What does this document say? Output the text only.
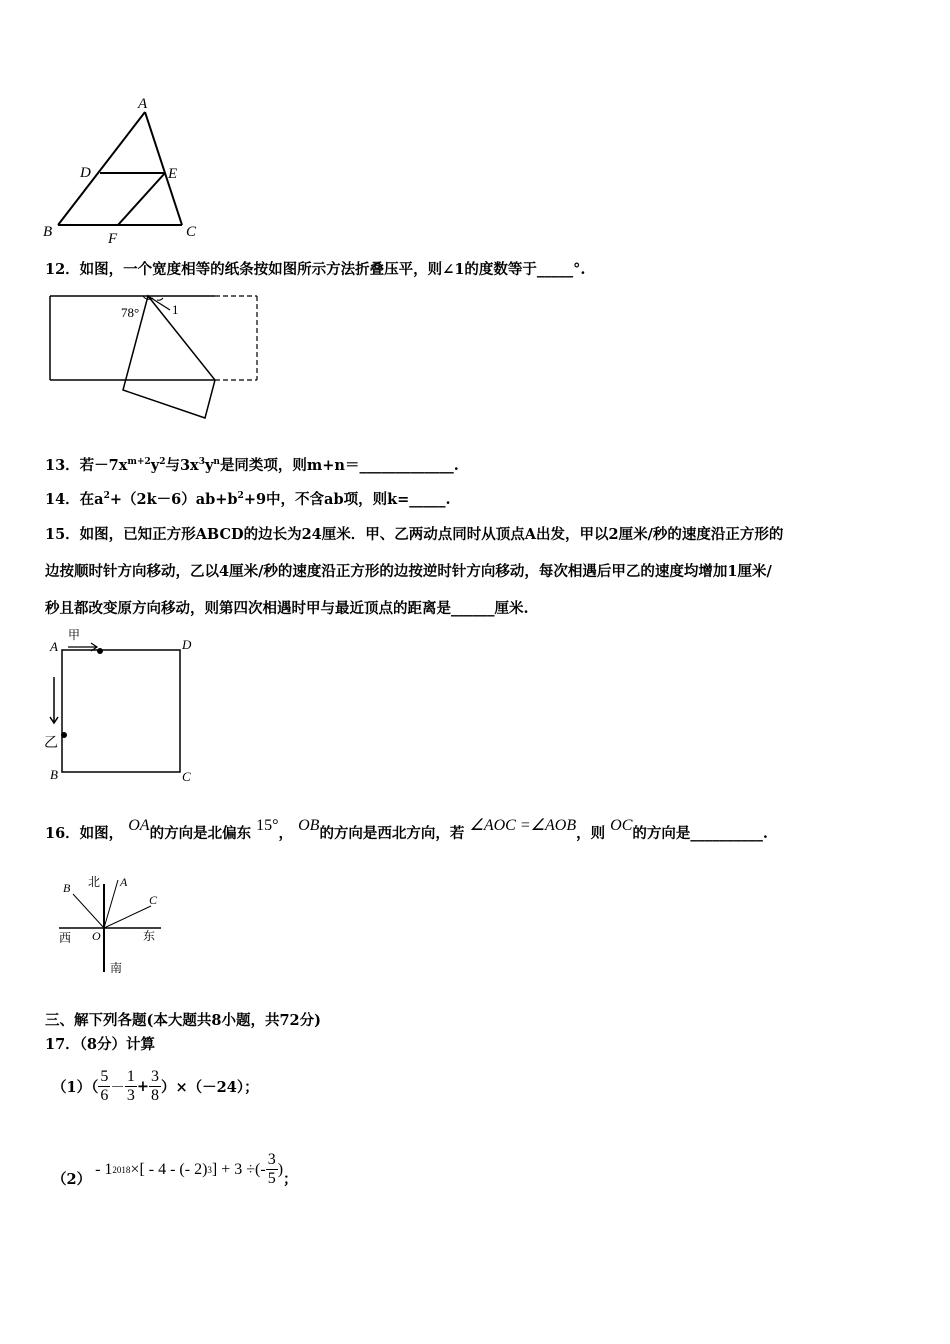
A
D	E
B	F	C
12．如图，一个宽度相等的纸条按如图所示方法折叠压平，则∠1的度数等于_____°.
78°	1
13．若$-7x^{m+2}y^2$与$3x^3y^n$是同类项，则m+n＝_____________.
14．在$a^2+(2k-6)ab+b^2+9$中，不含ab项，则k=_____.
15．如图，已知正方形ABCD的边长为24厘米．甲、乙两动点同时从顶点A出发，甲以2厘米/秒的速度沿正方形的
边按顺时针方向移动，乙以4厘米/秒的速度沿正方形的边按逆时针方向移动，每次相遇后甲乙的速度均增加1厘米/
秒且都改变原方向移动，则第四次相遇时甲与最近顶点的距离是______厘米.
A
甲
D
乙
B	C
16．如图， OA的方向是北偏东 15°， OB的方向是西北方向，若 ∠AOC =∠AOB，则 OC的方向是__________.
北 A
B
C
西 O	东
南
三、解下列各题(本大题共8小题，共72分)
17．（8分）计算
$(1)( \frac{5}{6} - \frac{1}{3} + \frac{3}{8} )\times(-24)$；
（2）
- 1 2018 ×[ - 4 - (- 2) 3 ] + 3 ÷(- $\frac{3}{5}$ )
；
